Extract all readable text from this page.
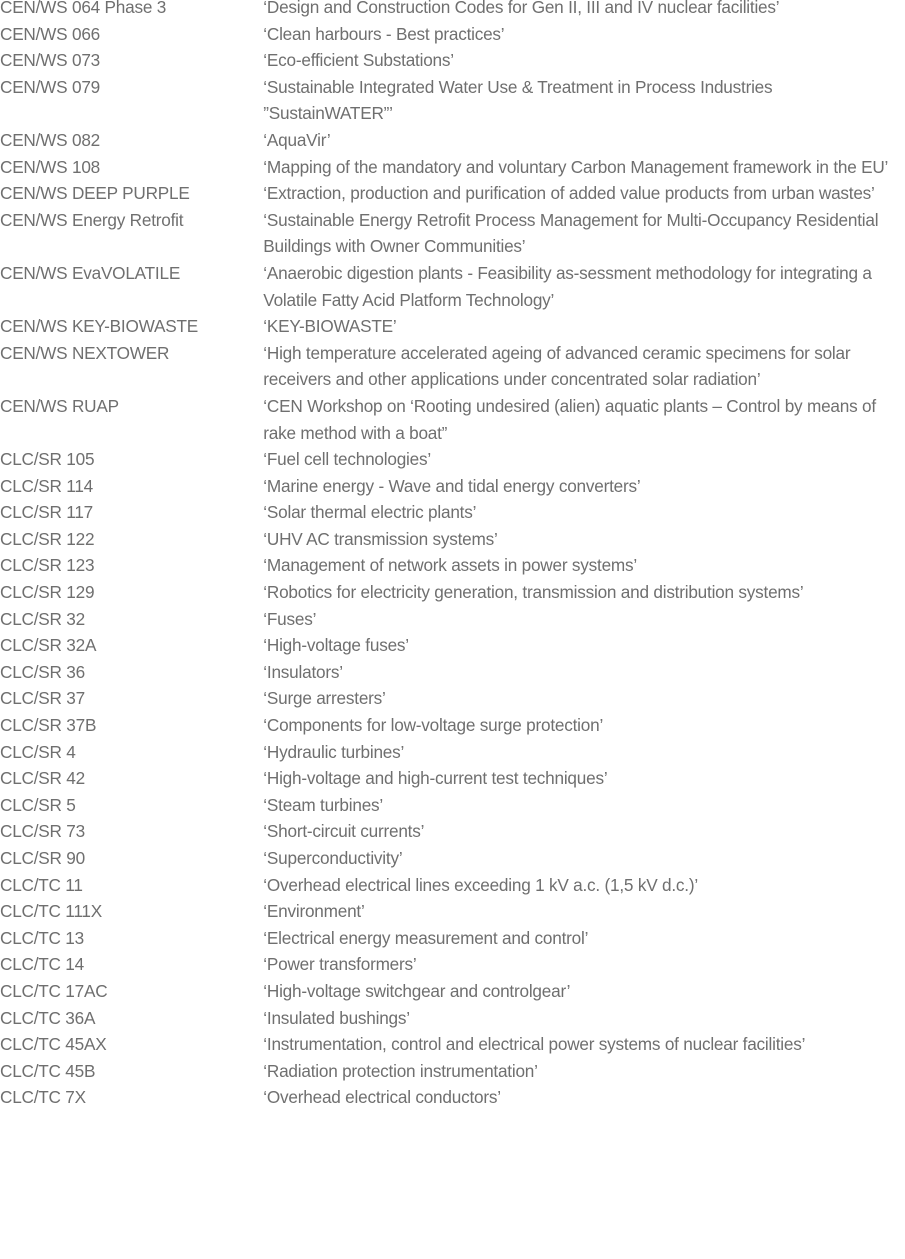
CEN/WS 064 Phase 3	‘Design and Construction Codes for Gen II, III and IV nuclear facilities’
CEN/WS 066	‘Clean harbours - Best practices’
CEN/WS 073	‘Eco-efficient Substations’
CEN/WS 079	‘Sustainable Integrated Water Use & Treatment in Process Industries ”SustainWATER”’
CEN/WS 082	‘AquaVir’
CEN/WS 108	‘Mapping of the mandatory and voluntary Carbon Management framework in the EU’
CEN/WS DEEP PURPLE	‘Extraction, production and purification of added value products from urban wastes’
CEN/WS Energy Retrofit	‘Sustainable Energy Retrofit Process Management for Multi-Occupancy Residential Buildings with Owner Communities’
CEN/WS EvaVOLATILE	‘Anaerobic digestion plants - Feasibility as-sessment methodology for integrating a Volatile Fatty Acid Platform Technology’
CEN/WS KEY-BIOWASTE	‘KEY-BIOWASTE’
CEN/WS NEXTOWER	‘High temperature accelerated ageing of advanced ceramic specimens for solar receivers and other applications under concentrated solar radiation’
CEN/WS RUAP	‘CEN Workshop on ‘Rooting undesired (alien) aquatic plants – Control by means of rake method with a boat”
CLC/SR 105	‘Fuel cell technologies’
CLC/SR 114	‘Marine energy - Wave and tidal energy converters’
CLC/SR 117	‘Solar thermal electric plants’
CLC/SR 122	‘UHV AC transmission systems’
CLC/SR 123	‘Management of network assets in power systems’
CLC/SR 129	‘Robotics for electricity generation, transmission and distribution systems’
CLC/SR 32	‘Fuses’
CLC/SR 32A	‘High-voltage fuses’
CLC/SR 36	‘Insulators’
CLC/SR 37	‘Surge arresters’
CLC/SR 37B	‘Components for low-voltage surge protection’
CLC/SR 4	‘Hydraulic turbines’
CLC/SR 42	‘High-voltage and high-current test techniques’
CLC/SR 5	‘Steam turbines’
CLC/SR 73	‘Short-circuit currents’
CLC/SR 90	‘Superconductivity’
CLC/TC 11	‘Overhead electrical lines exceeding 1 kV a.c. (1,5 kV d.c.)’
CLC/TC 111X	‘Environment’
CLC/TC 13	‘Electrical energy measurement and control’
CLC/TC 14	‘Power transformers’
CLC/TC 17AC	‘High-voltage switchgear and controlgear’
CLC/TC 36A	‘Insulated bushings’
CLC/TC 45AX	‘Instrumentation, control and electrical power systems of nuclear facilities’
CLC/TC 45B	‘Radiation protection instrumentation’
CLC/TC 7X	‘Overhead electrical conductors’
